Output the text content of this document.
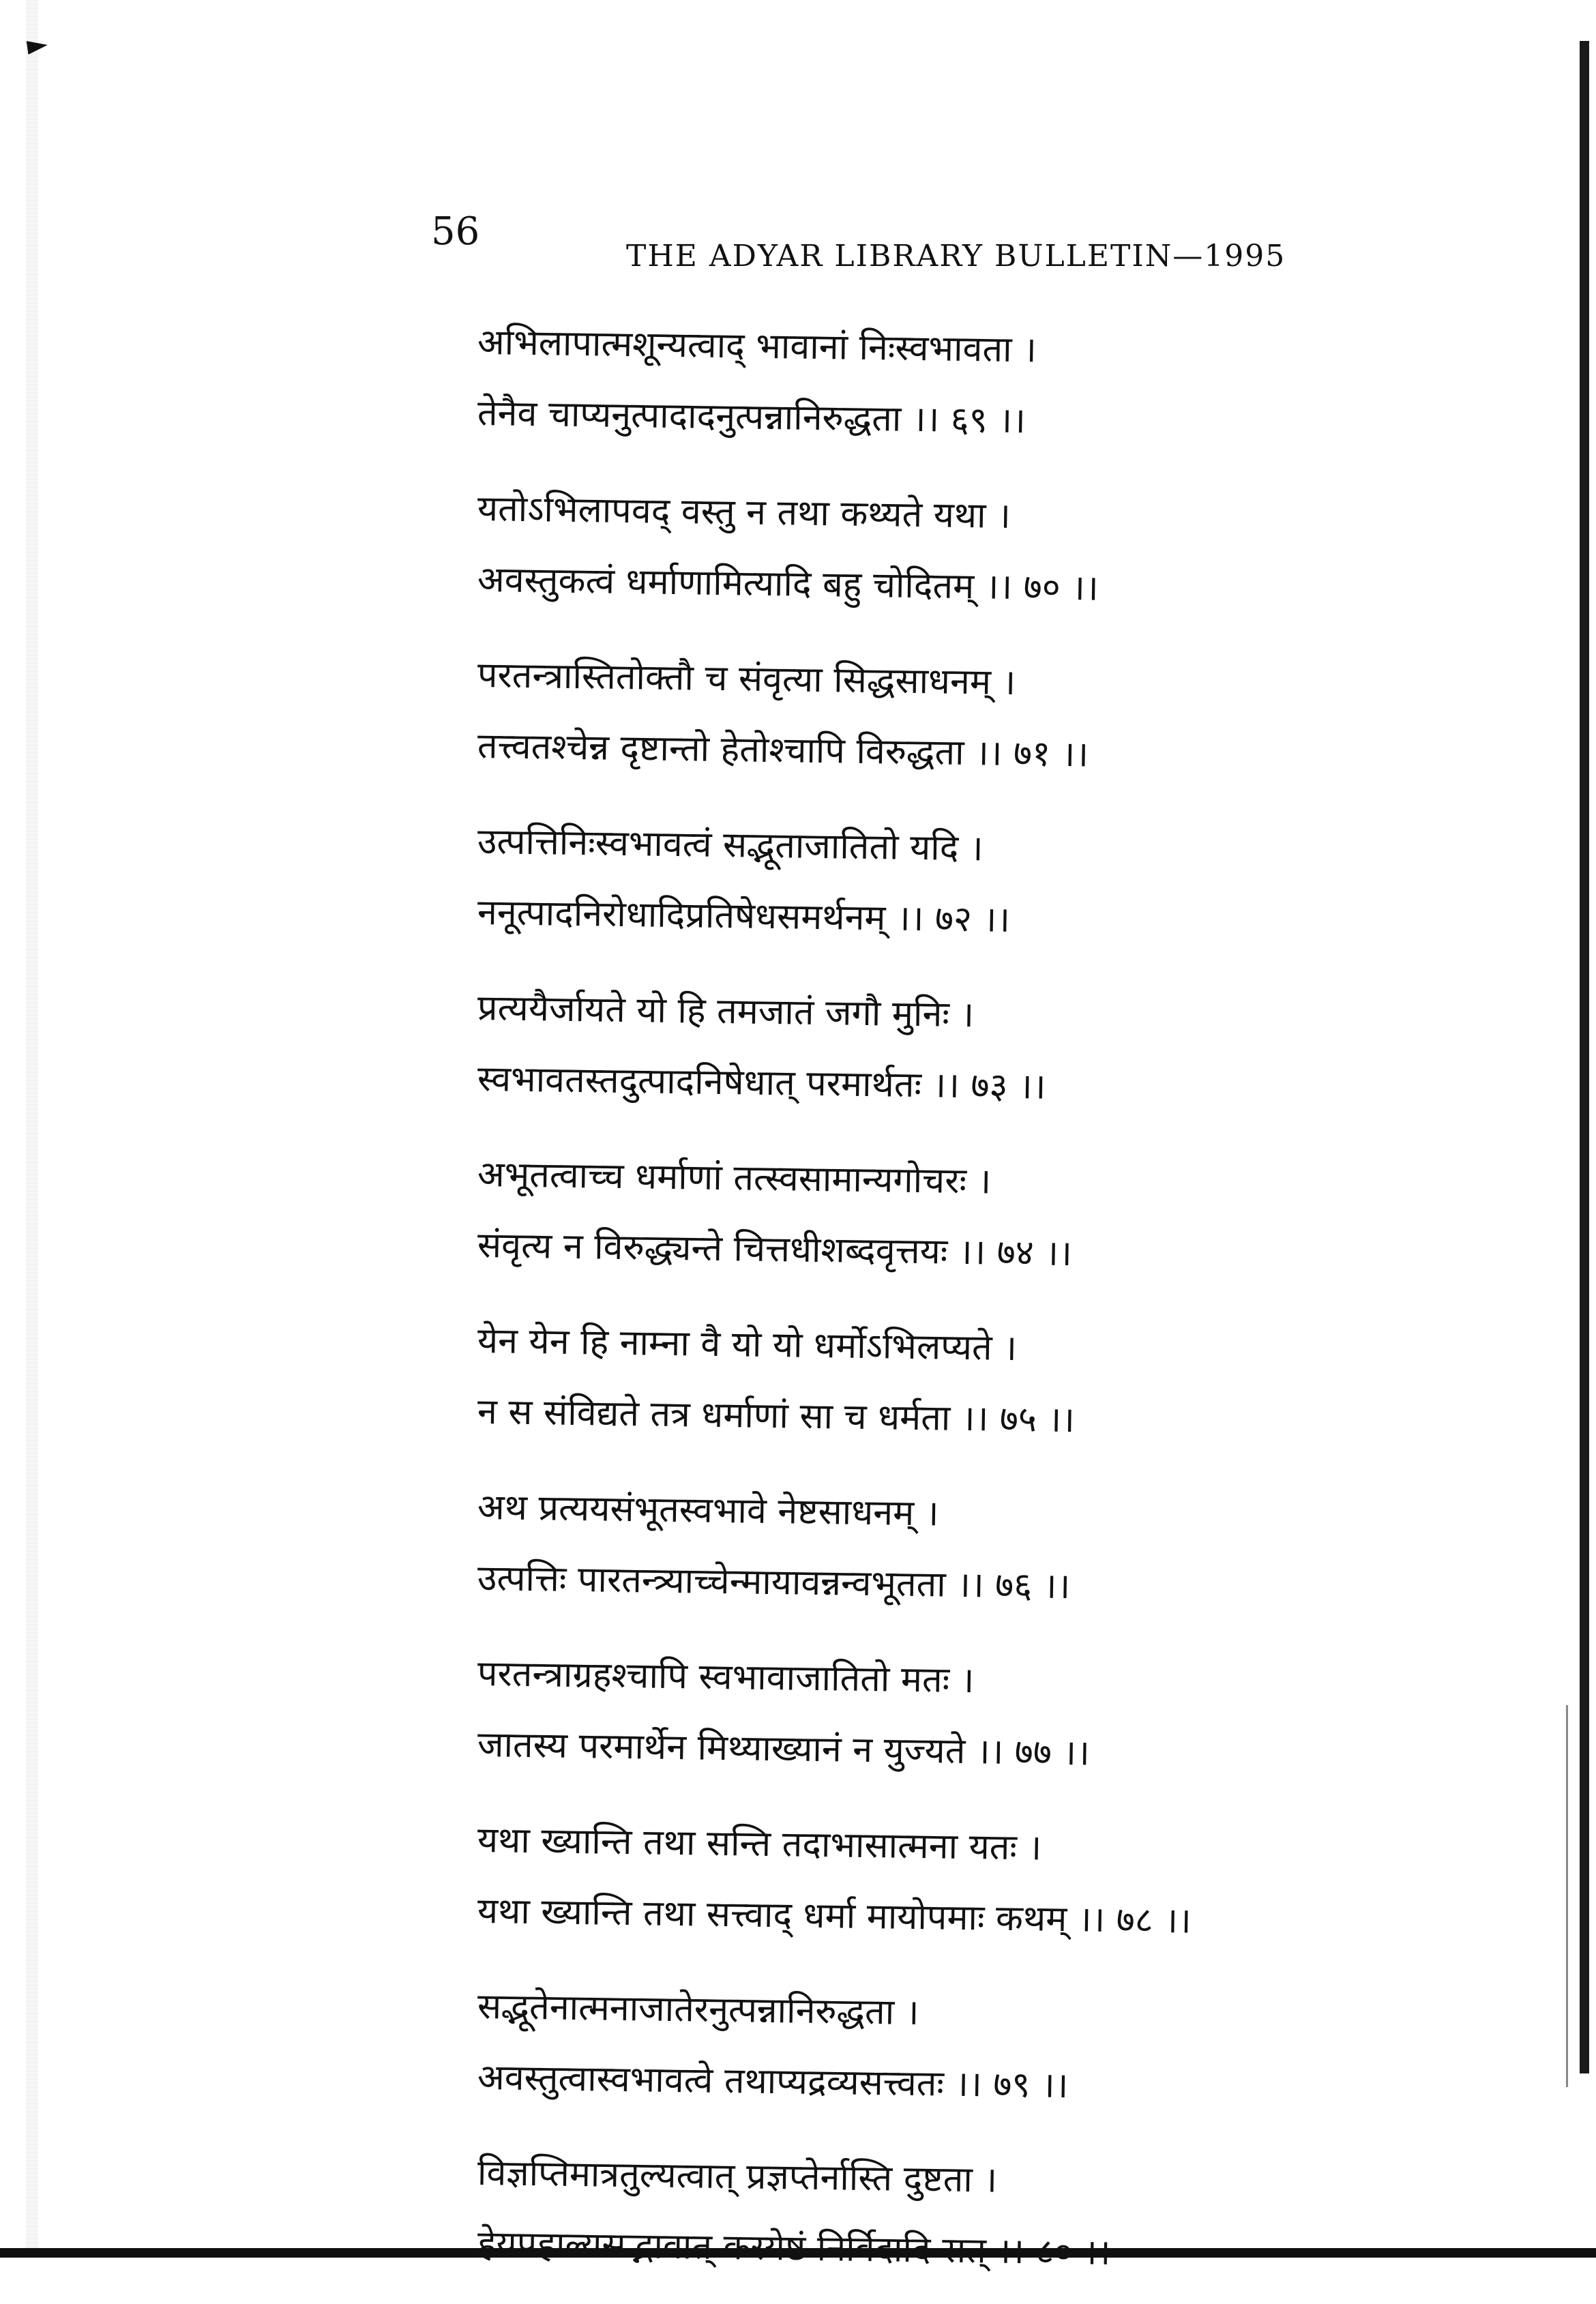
56
THE ADYAR LIBRARY BULLETIN—1995
अभिलापात्मशून्यत्वाद् भावानां निःस्वभावता ।
तेनैव चाप्यनुत्पादादनुत्पन्नानिरुद्धता ।। ६९ ।।
यतोऽभिलापवद् वस्तु न तथा कथ्यते यथा ।
अवस्तुकत्वं धर्माणामित्यादि बहु चोदितम् ।। ७० ।।
परतन्त्रास्तितोक्तौ च संवृत्या सिद्धसाधनम् ।
तत्त्वतश्चेन्न दृष्टान्तो हेतोश्चापि विरुद्धता ।। ७१ ।।
उत्पत्तिनिःस्वभावत्वं सद्भूताजातितो यदि ।
ननूत्पादनिरोधादिप्रतिषेधसमर्थनम् ।। ७२ ।।
प्रत्ययैर्जायते यो हि तमजातं जगौ मुनिः ।
स्वभावतस्तदुत्पादनिषेधात् परमार्थतः ।। ७३ ।।
अभूतत्वाच्च धर्माणां तत्स्वसामान्यगोचरः ।
संवृत्य न विरुद्ध्यन्ते चित्तधीशब्दवृत्तयः ।। ७४ ।।
येन येन हि नाम्ना वै यो यो धर्मोऽभिलप्यते ।
न स संविद्यते तत्र धर्माणां सा च धर्मता ।। ७५ ।।
अथ प्रत्ययसंभूतस्वभावे नेष्टसाधनम् ।
उत्पत्तिः पारतन्त्र्याच्चेन्मायावन्नन्वभूतता ।। ७६ ।।
परतन्त्राग्रहश्चापि स्वभावाजातितो मतः ।
जातस्य परमार्थेन मिथ्याख्यानं न युज्यते ।। ७७ ।।
यथा ख्यान्ति तथा सन्ति तदाभासात्मना यतः ।
यथा ख्यान्ति तथा सत्त्वाद् धर्मा मायोपमाः कथम् ।। ७८ ।।
सद्भूतेनात्मनाजातेरनुत्पन्नानिरुद्धता ।
अवस्तुत्वास्वभावत्वे तथाप्यद्रव्यसत्त्वतः ।। ७९ ।।
विज्ञप्तिमात्रतुल्यत्वात् प्रज्ञप्तेर्नास्ति दुष्टता ।
हेयप्रहाल्यसद्भावात् कस्येष्टं निर्विदादि सत् ।। ८० ।।
